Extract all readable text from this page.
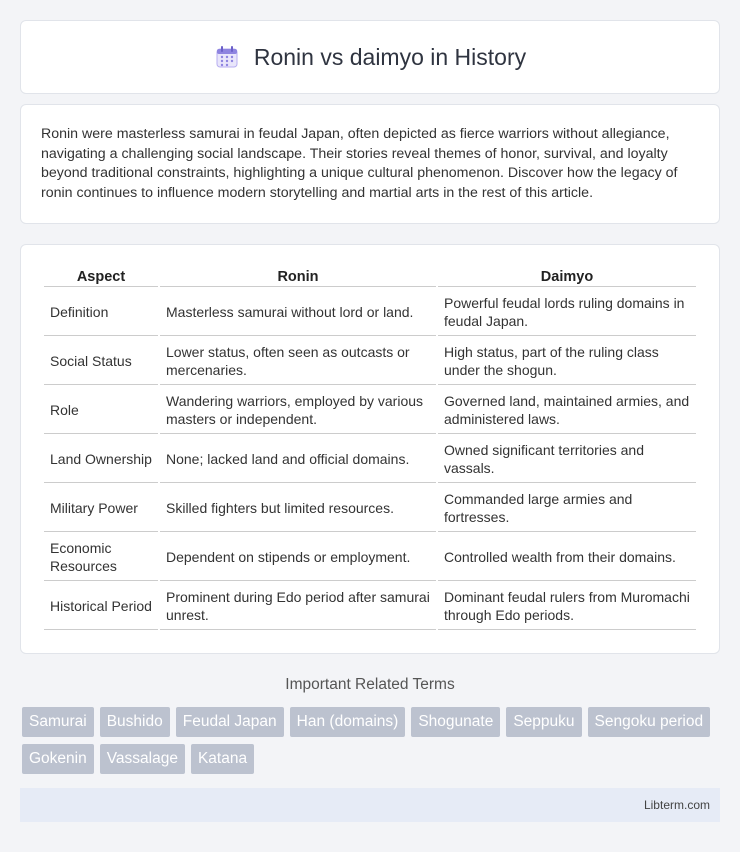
Ronin vs daimyo in History

Ronin were masterless samurai in feudal Japan, often depicted as fierce warriors without allegiance, navigating a challenging social landscape. Their stories reveal themes of honor, survival, and loyalty beyond traditional constraints, highlighting a unique cultural phenomenon. Discover how the legacy of ronin continues to influence modern storytelling and martial arts in the rest of this article.

Aspect	Ronin	Daimyo
Definition	Masterless samurai without lord or land.	Powerful feudal lords ruling domains in feudal Japan.
Social Status	Lower status, often seen as outcasts or mercenaries.	High status, part of the ruling class under the shogun.
Role	Wandering warriors, employed by various masters or independent.	Governed land, maintained armies, and administered laws.
Land Ownership	None; lacked land and official domains.	Owned significant territories and vassals.
Military Power	Skilled fighters but limited resources.	Commanded large armies and fortresses.
Economic Resources	Dependent on stipends or employment.	Controlled wealth from their domains.
Historical Period	Prominent during Edo period after samurai unrest.	Dominant feudal rulers from Muromachi through Edo periods.
Important Related Terms
Samurai	Bushido	Feudal Japan	Han (domains)	Shogunate	Seppuku	Sengoku period
Gokenin	Vassalage	Katana
Libterm.com
